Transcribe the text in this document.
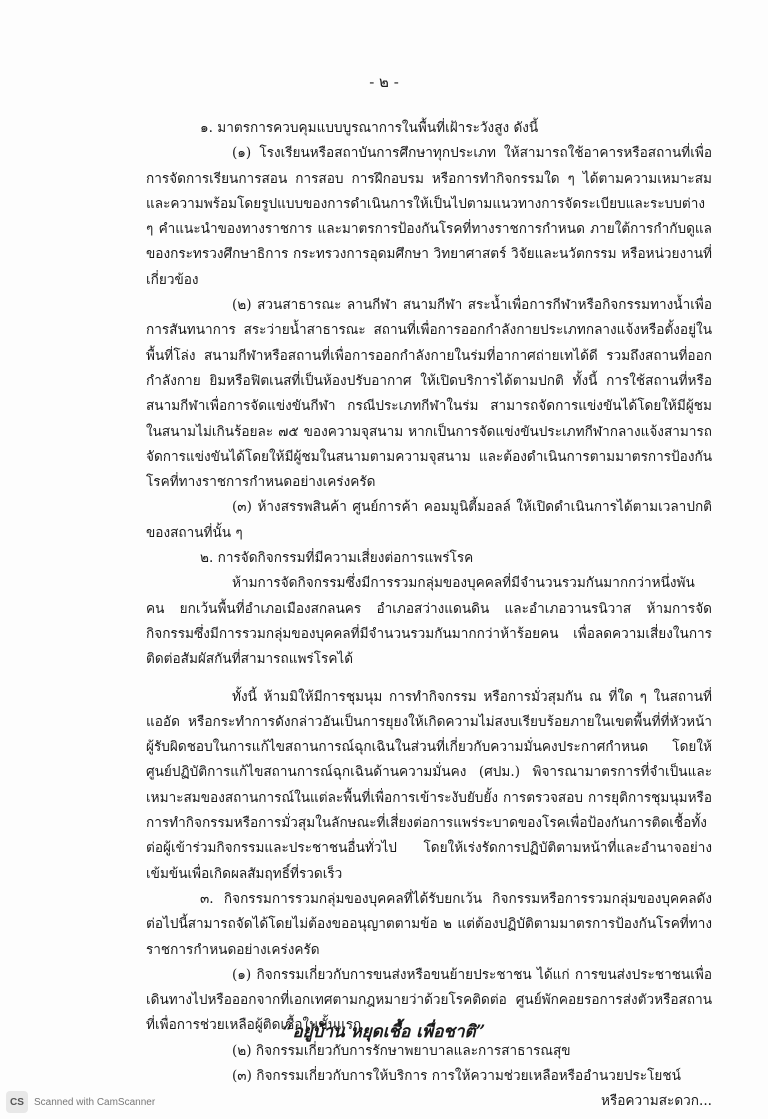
- ๒ -

๑. มาตรการควบคุมแบบบูรณาการในพื้นที่เฝ้าระวังสูง ดังนี้

(๑) โรงเรียนหรือสถาบันการศึกษาทุกประเภท ให้สามารถใช้อาคารหรือสถานที่เพื่อการจัดการเรียนการสอน การสอบ การฝึกอบรม หรือการทำกิจกรรมใด ๆ ได้ตามความเหมาะสมและความพร้อมโดยรูปแบบของการดำเนินการให้เป็นไปตามแนวทางการจัดระเบียบและระบบต่าง ๆ คำแนะนำของทางราชการ และมาตรการป้องกันโรคที่ทางราชการกำหนด ภายใต้การกำกับดูแลของกระทรวงศึกษาธิการ กระทรวงการอุดมศึกษา วิทยาศาสตร์ วิจัยและนวัตกรรม หรือหน่วยงานที่เกี่ยวข้อง

(๒) สวนสาธารณะ ลานกีฬา สนามกีฬา สระน้ำเพื่อการกีฬาหรือกิจกรรมทางน้ำเพื่อการสันทนาการ สระว่ายน้ำสาธารณะ สถานที่เพื่อการออกกำลังกายประเภทกลางแจ้งหรือตั้งอยู่ในพื้นที่โล่ง สนามกีฬาหรือสถานที่เพื่อการออกกำลังกายในร่มที่อากาศถ่ายเทได้ดี รวมถึงสถานที่ออกกำลังกาย ยิมหรือฟิตเนสที่เป็นห้องปรับอากาศ ให้เปิดบริการได้ตามปกติ ทั้งนี้ การใช้สถานที่หรือสนามกีฬาเพื่อการจัดแข่งขันกีฬา กรณีประเภทกีฬาในร่ม สามารถจัดการแข่งขันได้โดยให้มีผู้ชมในสนามไม่เกินร้อยละ ๗๕ ของความจุสนาม หากเป็นการจัดแข่งขันประเภทกีฬากลางแจ้งสามารถจัดการแข่งขันได้โดยให้มีผู้ชมในสนามตามความจุสนาม และต้องดำเนินการตามมาตรการป้องกันโรคที่ทางราชการกำหนดอย่างเคร่งครัด

(๓) ห้างสรรพสินค้า ศูนย์การค้า คอมมูนิตี้มอลล์ ให้เปิดดำเนินการได้ตามเวลาปกติของสถานที่นั้น ๆ

๒. การจัดกิจกรรมที่มีความเสี่ยงต่อการแพร่โรค

ห้ามการจัดกิจกรรมซึ่งมีการรวมกลุ่มของบุคคลที่มีจำนวนรวมกันมากกว่าหนึ่งพันคน ยกเว้นพื้นที่อำเภอเมืองสกลนคร อำเภอสว่างแดนดิน และอำเภอวานรนิวาส ห้ามการจัดกิจกรรมซึ่งมีการรวมกลุ่มของบุคคลที่มีจำนวนรวมกันมากกว่าห้าร้อยคน เพื่อลดความเสี่ยงในการติดต่อสัมผัสกันที่สามารถแพร่โรคได้

ทั้งนี้ ห้ามมิให้มีการชุมนุม การทำกิจกรรม หรือการมั่วสุมกัน ณ ที่ใด ๆ ในสถานที่แออัด หรือกระทำการดังกล่าวอันเป็นการยุยงให้เกิดความไม่สงบเรียบร้อยภายในเขตพื้นที่ที่หัวหน้าผู้รับผิดชอบในการแก้ไขสถานการณ์ฉุกเฉินในส่วนที่เกี่ยวกับความมั่นคงประกาศกำหนด โดยให้ศูนย์ปฏิบัติการแก้ไขสถานการณ์ฉุกเฉินด้านความมั่นคง (ศปม.) พิจารณามาตรการที่จำเป็นและเหมาะสมของสถานการณ์ในแต่ละพื้นที่เพื่อการเข้าระงับยับยั้ง การตรวจสอบ การยุติการชุมนุมหรือการทำกิจกรรมหรือการมั่วสุมในลักษณะที่เสี่ยงต่อการแพร่ระบาดของโรคเพื่อป้องกันการติดเชื้อทั้งต่อผู้เข้าร่วมกิจกรรมและประชาชนอื่นทั่วไป โดยให้เร่งรัดการปฏิบัติตามหน้าที่และอำนาจอย่างเข้มข้นเพื่อเกิดผลสัมฤทธิ์ที่รวดเร็ว

๓. กิจกรรมการรวมกลุ่มของบุคคลที่ได้รับยกเว้น กิจกรรมหรือการรวมกลุ่มของบุคคลดังต่อไปนี้สามารถจัดได้โดยไม่ต้องขออนุญาตตามข้อ ๒ แต่ต้องปฏิบัติตามมาตรการป้องกันโรคที่ทางราชการกำหนดอย่างเคร่งครัด

(๑) กิจกรรมเกี่ยวกับการขนส่งหรือขนย้ายประชาชน ได้แก่ การขนส่งประชาชนเพื่อเดินทางไปหรือออกจากที่เอกเทศตามกฎหมายว่าด้วยโรคติดต่อ ศูนย์พักคอยรอการส่งตัวหรือสถานที่เพื่อการช่วยเหลือผู้ติดเชื้อในขั้นแรก

(๒) กิจกรรมเกี่ยวกับการรักษาพยาบาลและการสาธารณสุข

(๓) กิจกรรมเกี่ยวกับการให้บริการ การให้ความช่วยเหลือหรืออำนวยประโยชน์

หรือความสะดวก...

“อยู่บ้าน หยุดเชื้อ เพื่อชาติ”
CS	Scanned with CamScanner
